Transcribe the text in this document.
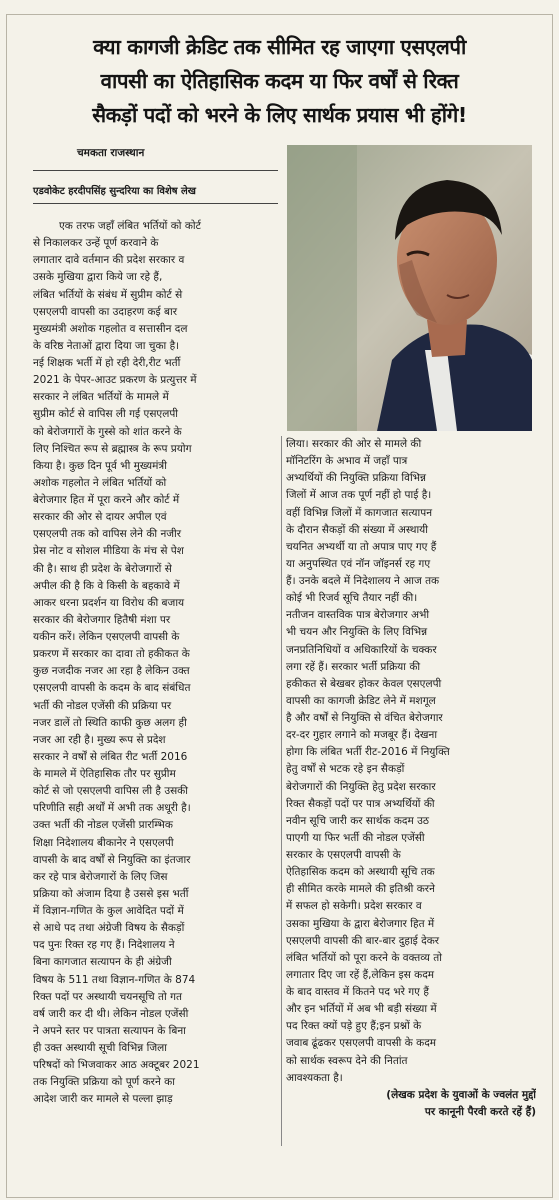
क्या कागजी क्रेडिट तक सीमित रह जाएगा एसएलपी
वापसी का ऐतिहासिक कदम या फिर वर्षों से रिक्त
सैकड़ों पदों को भरने के लिए सार्थक प्रयास भी होंगे!
चमकता राजस्थान
एडवोकेट हरदीपसिंह सुन्दरिया का विशेष लेख
एक तरफ जहाँ लंबित भर्तियों को कोर्ट
से निकालकर उन्हें पूर्ण करवाने के
लगातार दावे वर्तमान की प्रदेश सरकार व
उसके मुखिया द्वारा किये जा रहे हैं,
लंबित भर्तियों के संबंध में सुप्रीम कोर्ट से
एसएलपी वापसी का उदाहरण कई बार
मुख्यमंत्री अशोक गहलोत व सत्तासीन दल
के वरिष्ठ नेताओं द्वारा दिया जा चुका है।
नई शिक्षक भर्ती में हो रही देरी,रीट भर्ती
2021 के पेपर-आउट प्रकरण के प्रत्युत्तर में
सरकार ने लंबित भर्तियों के मामले में
सुप्रीम कोर्ट से वापिस ली गई एसएलपी
को बेरोजगारों के गुस्से को शांत करने के
लिए निश्चित रूप से ब्रह्मास्त्र के रूप प्रयोग
किया है। कुछ दिन पूर्व भी मुख्यमंत्री
अशोक गहलोत ने लंबित भर्तियों को
बेरोजगार हित में पूरा करने और कोर्ट में
सरकार की ओर से दायर अपील एवं
एसएलपी तक को वापिस लेने की नजीर
प्रेस नोट व सोशल मीडिया के मंच से पेश
की है। साथ ही प्रदेश के बेरोजगारों से
अपील की है कि वे किसी के बहकावे में
आकर धरना प्रदर्शन या विरोध की बजाय
सरकार की बेरोजगार हितैषी मंशा पर
यकीन करें। लेकिन एसएलपी वापसी के
प्रकरण में सरकार का दावा तो हकीकत के
कुछ नजदीक नजर आ रहा है लेकिन उक्त
एसएलपी वापसी के कदम के बाद संबंधित
भर्ती की नोडल एजेंसी की प्रक्रिया पर
नजर डालें तो स्थिति काफी कुछ अलग ही
नजर आ रही है। मुख्य रूप से प्रदेश
सरकार ने वर्षों से लंबित रीट भर्ती 2016
के मामले में ऐतिहासिक तौर पर सुप्रीम
कोर्ट से जो एसएलपी वापिस ली है उसकी
परिणीति सही अर्थों में अभी तक अधूरी है।
उक्त भर्ती की नोडल एजेंसी प्रारम्भिक
शिक्षा निदेशालय बीकानेर ने एसएलपी
वापसी के बाद वर्षों से नियुक्ति का इंतजार
कर रहे पात्र बेरोजगारों के लिए जिस
प्रक्रिया को अंजाम दिया है उससे इस भर्ती
में विज्ञान-गणित के कुल आवेदित पदों में
से आधे पद तथा अंग्रेजी विषय के सैकड़ों
पद पुनः रिक्त रह गए हैं। निदेशालय ने
बिना कागजात सत्यापन के ही अंग्रेजी
विषय के 511 तथा विज्ञान-गणित के 874
रिक्त पदों पर अस्थायी चयनसूचि तो गत
वर्ष जारी कर दी थी। लेकिन नोडल एजेंसी
ने अपने स्तर पर पात्रता सत्यापन के बिना
ही उक्त अस्थायी सूची विभिन्न जिला
परिषदों को भिजवाकर आठ अक्टूबर 2021
तक नियुक्ति प्रक्रिया को पूर्ण करने का
आदेश जारी कर मामले से पल्ला झाड़
लिया। सरकार की ओर से मामले की
मॉनिटरिंग के अभाव में जहाँ पात्र
अभ्यर्थियों की नियुक्ति प्रक्रिया विभिन्न
जिलों में आज तक पूर्ण नहीं हो पाई है।
वहीं विभिन्न जिलों में कागजात सत्यापन
के दौरान सैकड़ों की संख्या में अस्थायी
चयनित अभ्यर्थी या तो अपात्र पाए गए हैं
या अनुपस्थित एवं नॉन जॉइनर्स रह गए
हैं। उनके बदले में निदेशालय ने आज तक
कोई भी रिजर्व सूचि तैयार नहीं की।
नतीजन वास्तविक पात्र बेरोजगार अभी
भी चयन और नियुक्ति के लिए विभिन्न
जनप्रतिनिधियों व अधिकारियों के चक्कर
लगा रहें हैं। सरकार भर्ती प्रक्रिया की
हकीकत से बेखबर होकर केवल एसएलपी
वापसी का कागजी क्रेडिट लेने में मशगूल
है और वर्षों से नियुक्ति से वंचित बेरोजगार
दर-दर गुहार लगाने को मजबूर हैं। देखना
होगा कि लंबित भर्ती रीट-2016 में नियुक्ति
हेतु वर्षों से भटक रहे इन सैकड़ों
बेरोजगारों की नियुक्ति हेतु प्रदेश सरकार
रिक्त सैकड़ों पदों पर पात्र अभ्यर्थियों की
नवीन सूचि जारी कर सार्थक कदम उठ
पाएगी या फिर भर्ती की नोडल एजेंसी
सरकार के एसएलपी वापसी के
ऐतिहासिक कदम को अस्थायी सूचि तक
ही सीमित करके मामले की इतिश्री करने
में सफल हो सकेगी। प्रदेश सरकार व
उसका मुखिया के द्वारा बेरोजगार हित में
एसएलपी वापसी की बार-बार दुहाई देकर
लंबित भर्तियों को पूरा करने के वक्तव्य तो
लगातार दिए जा रहें हैं,लेकिन इस कदम
के बाद वास्तव में कितने पद भरे गए हैं
और इन भर्तियों में अब भी बड़ी संख्या में
पद रिक्त क्यों पड़े हुए हैं;इन प्रश्नों के
जवाब ढूंढकर एसएलपी वापसी के कदम
को सार्थक स्वरूप देने की नितांत
आवश्यकता है।
(लेखक प्रदेश के युवाओं के ज्वलंत मुद्दों
पर कानूनी पैरवी करते रहें हैं)
